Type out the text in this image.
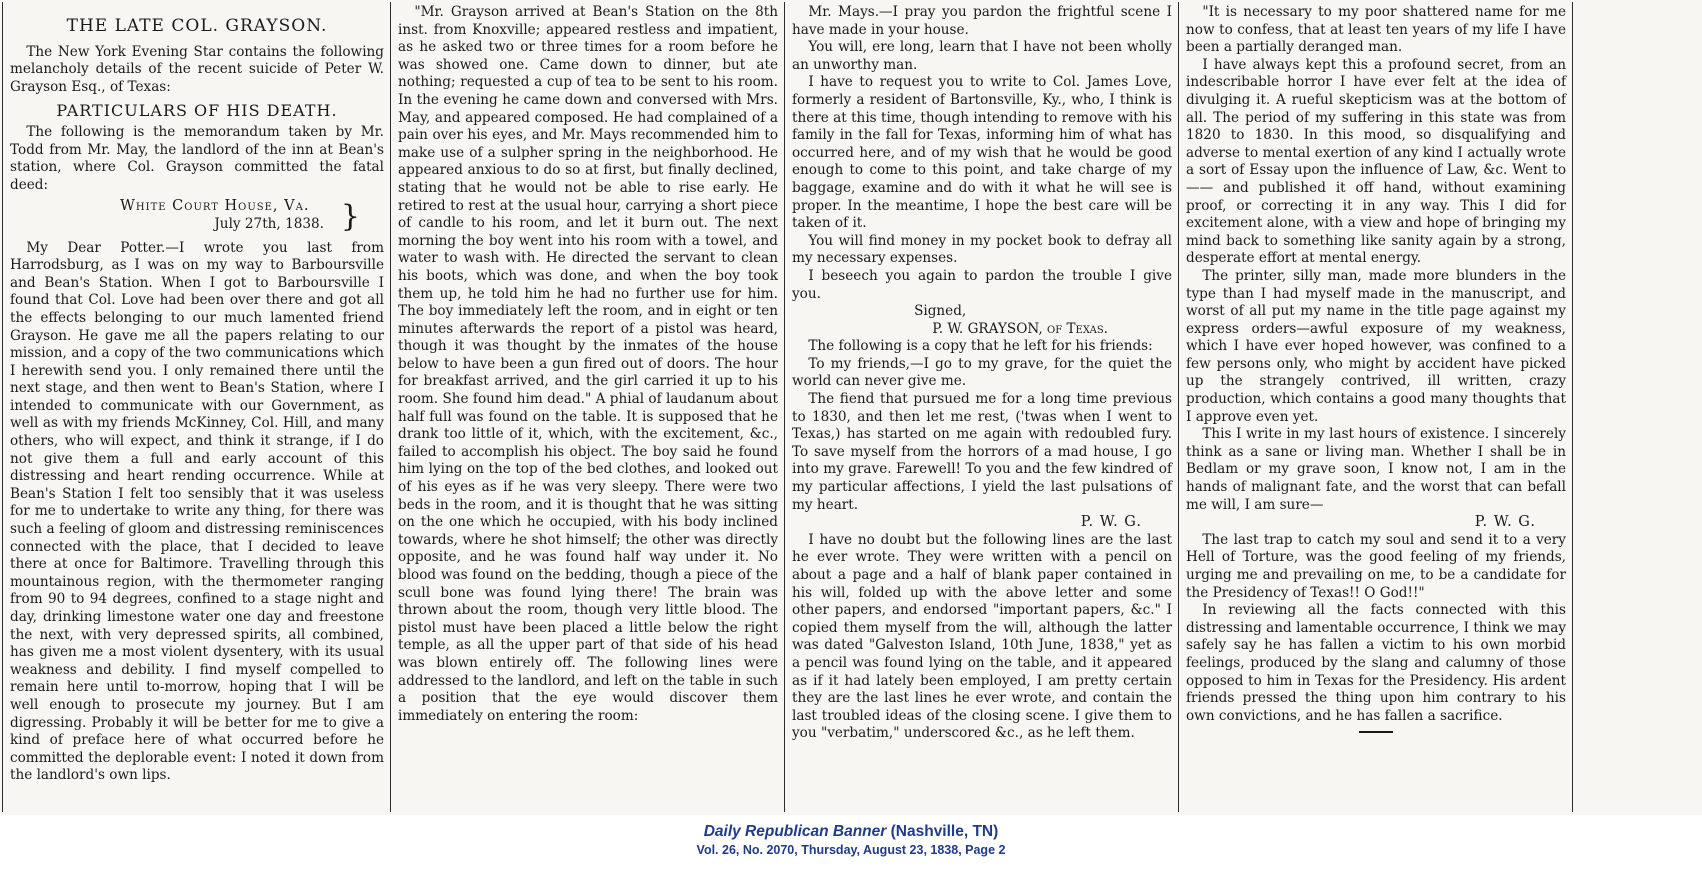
THE LATE COL. GRAYSON.

The New York Evening Star contains the following melancholy details of the recent suicide of Peter W. Grayson Esq., of Texas:

PARTICULARS OF HIS DEATH.

The following is the memorandum taken by Mr. Todd from Mr. May, the landlord of the inn at Bean's station, where Col. Grayson committed the fatal deed:

White Court House, Va.
July 27th, 1838. }

My Dear Potter.—I wrote you last from Harrodsburg, as I was on my way to Barboursville and Bean's Station. When I got to Barboursville I found that Col. Love had been over there and got all the effects belonging to our much lamented friend Grayson. He gave me all the papers relating to our mission, and a copy of the two communications which I herewith send you. I only remained there until the next stage, and then went to Bean's Station, where I intended to communicate with our Government, as well as with my friends McKinney, Col. Hill, and many others, who will expect, and think it strange, if I do not give them a full and early account of this distressing and heart rending occurrence. While at Bean's Station I felt too sensibly that it was useless for me to undertake to write any thing, for there was such a feeling of gloom and distressing reminiscences connected with the place, that I decided to leave there at once for Baltimore. Travelling through this mountainous region, with the thermometer ranging from 90 to 94 degrees, confined to a stage night and day, drinking limestone water one day and freestone the next, with very depressed spirits, all combined, has given me a most violent dysentery, with its usual weakness and debility. I find myself compelled to remain here until to-morrow, hoping that I will be well enough to prosecute my journey. But I am digressing. Probably it will be better for me to give a kind of preface here of what occurred before he committed the deplorable event: I noted it down from the landlord's own lips.

"Mr. Grayson arrived at Bean's Station on the 8th inst. from Knoxville; appeared restless and impatient, as he asked two or three times for a room before he was showed one. Came down to dinner, but ate nothing; requested a cup of tea to be sent to his room. In the evening he came down and conversed with Mrs. May, and appeared composed. He had complained of a pain over his eyes, and Mr. Mays recommended him to make use of a sulpher spring in the neighborhood. He appeared anxious to do so at first, but finally declined, stating that he would not be able to rise early. He retired to rest at the usual hour, carrying a short piece of candle to his room, and let it burn out. The next morning the boy went into his room with a towel, and water to wash with. He directed the servant to clean his boots, which was done, and when the boy took them up, he told him he had no further use for him. The boy immediately left the room, and in eight or ten minutes afterwards the report of a pistol was heard, though it was thought by the inmates of the house below to have been a gun fired out of doors. The hour for breakfast arrived, and the girl carried it up to his room. She found him dead." A phial of laudanum about half full was found on the table. It is supposed that he drank too little of it, which, with the excitement, &c., failed to accomplish his object. The boy said he found him lying on the top of the bed clothes, and looked out of his eyes as if he was very sleepy. There were two beds in the room, and it is thought that he was sitting on the one which he occupied, with his body inclined towards, where he shot himself; the other was directly opposite, and he was found half way under it. No blood was found on the bedding, though a piece of the scull bone was found lying there! The brain was thrown about the room, though very little blood. The pistol must have been placed a little below the right temple, as all the upper part of that side of his head was blown entirely off. The following lines were addressed to the landlord, and left on the table in such a position that the eye would discover them immediately on entering the room:

Mr. Mays.—I pray you pardon the frightful scene I have made in your house.

You will, ere long, learn that I have not been wholly an unworthy man.

I have to request you to write to Col. James Love, formerly a resident of Bartonsville, Ky., who, I think is there at this time, though intending to remove with his family in the fall for Texas, informing him of what has occurred here, and of my wish that he would be good enough to come to this point, and take charge of my baggage, examine and do with it what he will see is proper. In the meantime, I hope the best care will be taken of it.

You will find money in my pocket book to defray all my necessary expenses.

I beseech you again to pardon the trouble I give you.

Signed,

P. W. GRAYSON, of Texas.

The following is a copy that he left for his friends:

To my friends,—I go to my grave, for the quiet the world can never give me.

The fiend that pursued me for a long time previous to 1830, and then let me rest, ('twas when I went to Texas,) has started on me again with redoubled fury. To save myself from the horrors of a mad house, I go into my grave. Farewell! To you and the few kindred of my particular affections, I yield the last pulsations of my heart.

P. W. G.

I have no doubt but the following lines are the last he ever wrote. They were written with a pencil on about a page and a half of blank paper contained in his will, folded up with the above letter and some other papers, and endorsed "important papers, &c." I copied them myself from the will, although the latter was dated "Galveston Island, 10th June, 1838," yet as a pencil was found lying on the table, and it appeared as if it had lately been employed, I am pretty certain they are the last lines he ever wrote, and contain the last troubled ideas of the closing scene. I give them to you "verbatim," underscored &c., as he left them.

"It is necessary to my poor shattered name for me now to confess, that at least ten years of my life I have been a partially deranged man.

I have always kept this a profound secret, from an indescribable horror I have ever felt at the idea of divulging it. A rueful skepticism was at the bottom of all. The period of my suffering in this state was from 1820 to 1830. In this mood, so disqualifying and adverse to mental exertion of any kind I actually wrote a sort of Essay upon the influence of Law, &c. Went to —— and published it off hand, without examining proof, or correcting it in any way. This I did for excitement alone, with a view and hope of bringing my mind back to something like sanity again by a strong, desperate effort at mental energy.

The printer, silly man, made more blunders in the type than I had myself made in the manuscript, and worst of all put my name in the title page against my express orders—awful exposure of my weakness, which I have ever hoped however, was confined to a few persons only, who might by accident have picked up the strangely contrived, ill written, crazy production, which contains a good many thoughts that I approve even yet.

This I write in my last hours of existence. I sincerely think as a sane or living man. Whether I shall be in Bedlam or my grave soon, I know not, I am in the hands of malignant fate, and the worst that can befall me will, I am sure—

P. W. G.

The last trap to catch my soul and send it to a very Hell of Torture, was the good feeling of my friends, urging me and prevailing on me, to be a candidate for the Presidency of Texas!! O God!!"

In reviewing all the facts connected with this distressing and lamentable occurrence, I think we may safely say he has fallen a victim to his own morbid feelings, produced by the slang and calumny of those opposed to him in Texas for the Presidency. His ardent friends pressed the thing upon him contrary to his own convictions, and he has fallen a sacrifice.

Daily Republican Banner (Nashville, TN)
Vol. 26, No. 2070, Thursday, August 23, 1838, Page 2
